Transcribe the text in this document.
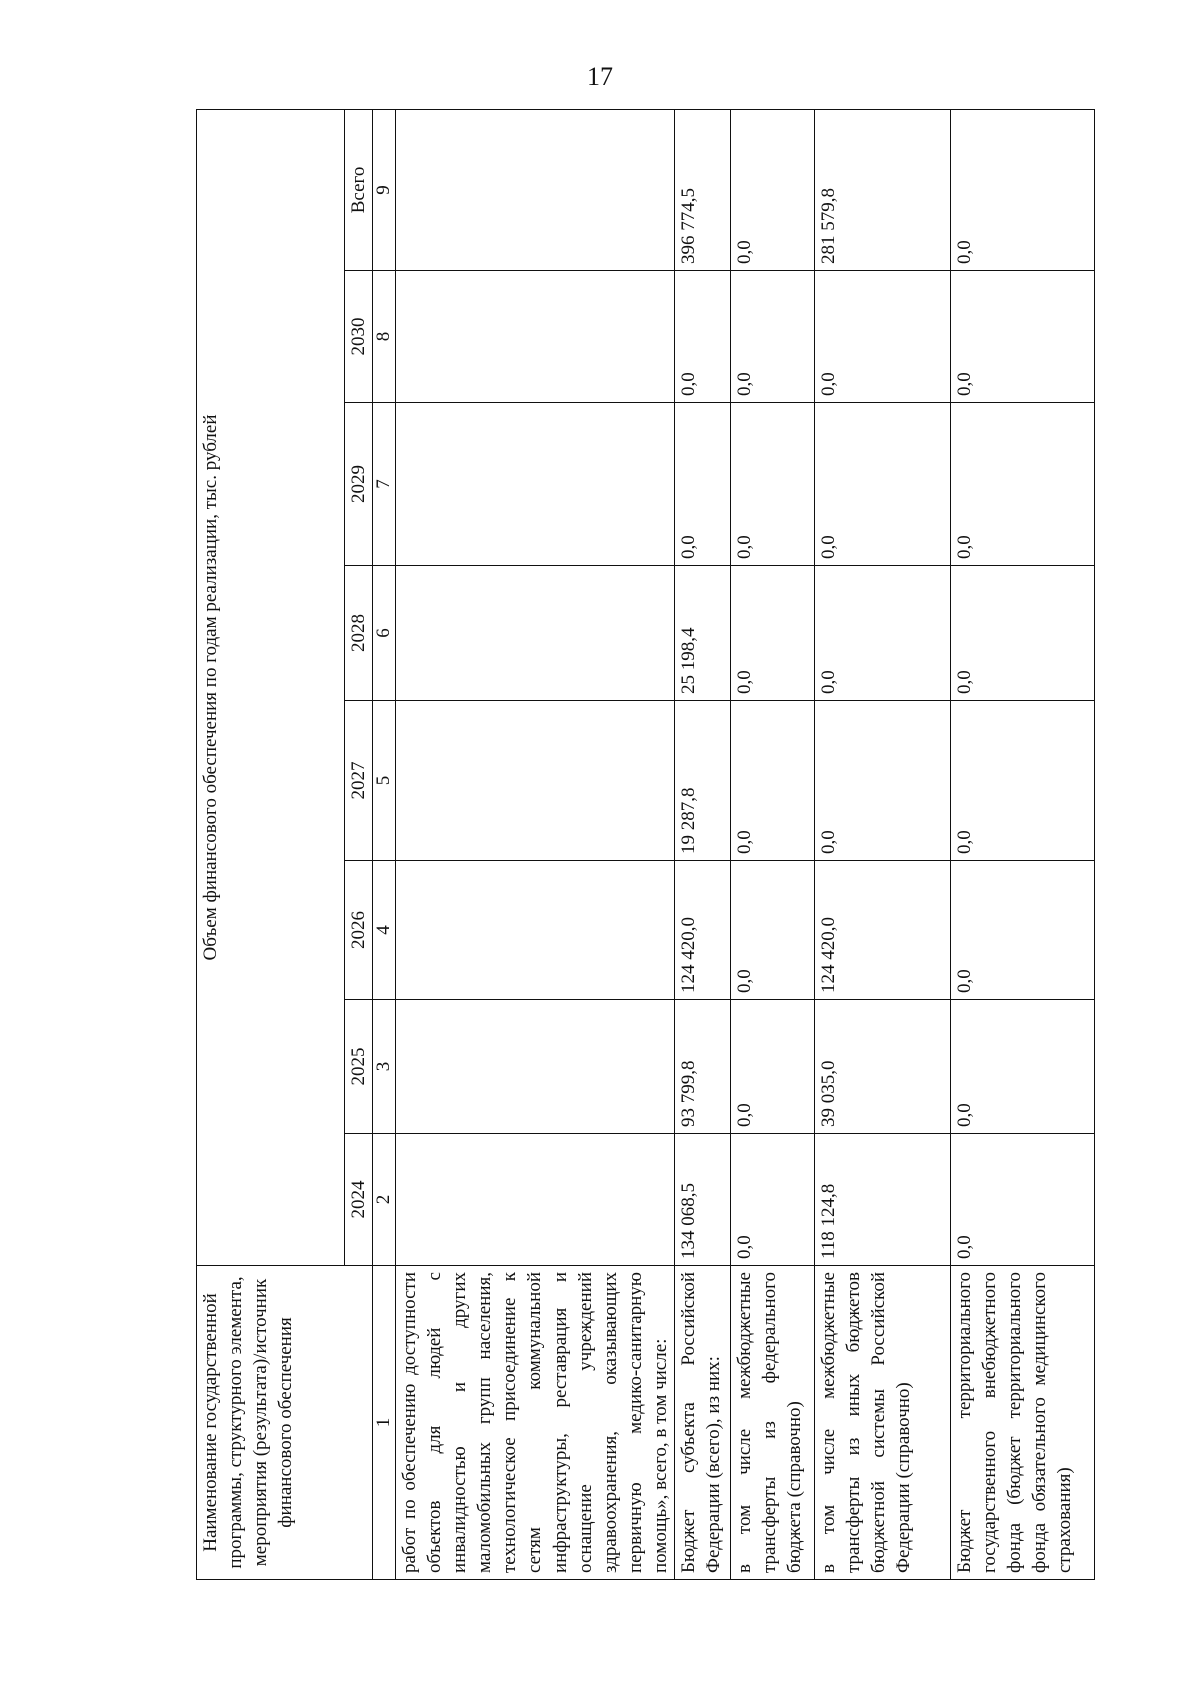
17
Наименование государственной программы, структурного элемента, мероприятия (результата)/источник финансового обеспечения	Объем финансового обеспечения по годам реализации, тыс. рублей							
	2024	2025	2026	2027	2028	2029	2030	Всего
1	2	3	4	5	6	7	8	9
работ по обеспечению доступности объектов для людей с инвалидностью и других маломобильных групп населения, технологическое присоединение к сетям коммунальной инфраструктуры, реставрация и оснащение учреждений здравоохранения, оказывающих первичную медико-санитарную помощь», всего, в том числе:								
Бюджет субъекта Российской Федерации (всего), из них:	134 068,5	93 799,8	124 420,0	19 287,8	25 198,4	0,0	0,0	396 774,5
в том числе межбюджетные трансферты из федерального бюджета (справочно)	0,0	0,0	0,0	0,0	0,0	0,0	0,0	0,0
в том числе межбюджетные трансферты из иных бюджетов бюджетной системы Российской Федерации (справочно)	118 124,8	39 035,0	124 420,0	0,0	0,0	0,0	0,0	281 579,8
Бюджет территориального государственного внебюджетного фонда (бюджет территориального фонда обязательного медицинского страхования)	0,0	0,0	0,0	0,0	0,0	0,0	0,0	0,0
